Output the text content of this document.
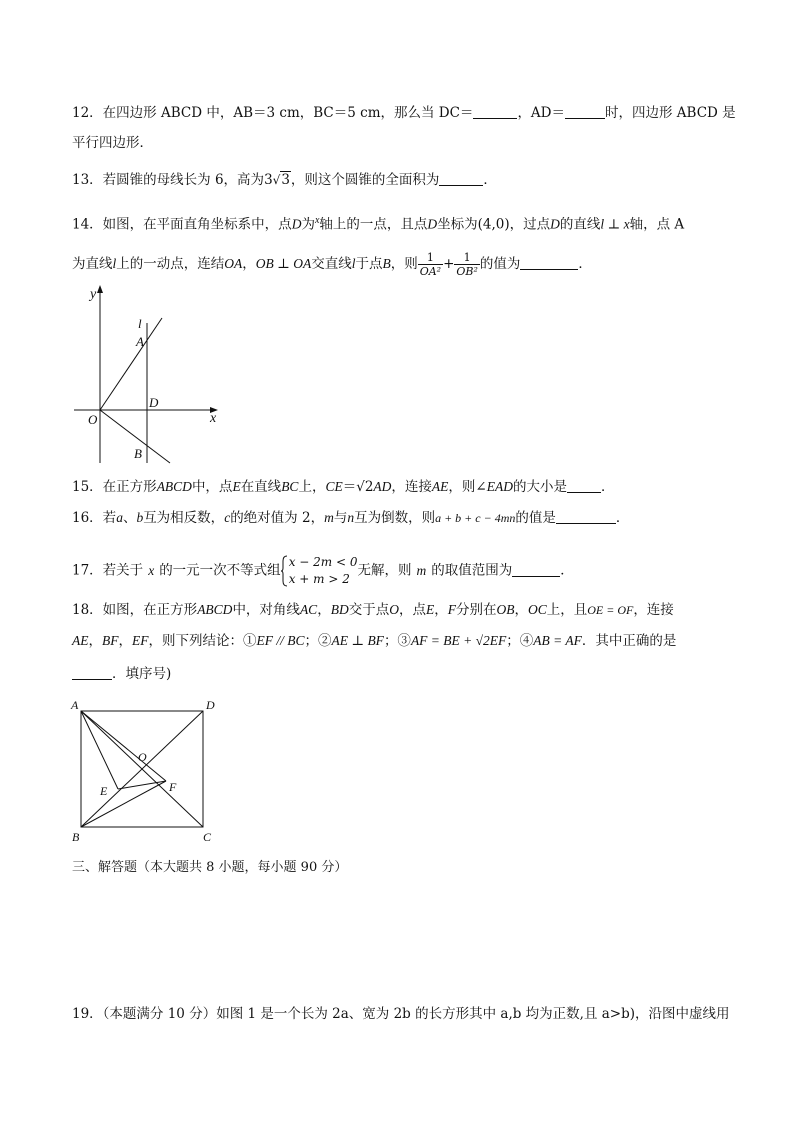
12．在四边形 ABCD 中，AB＝3 cm，BC＝5 cm，那么当 DC＝	，AD＝	时，四边形 ABCD 是
平行四边形．
13．若圆锥的母线长为 6，高为3√3，则这个圆锥的全面积为	．
14．如图，在平面直角坐标系中，点D为$^x$轴上的一点，且点D坐标为(4,0)，过点D的直线l ⊥ x轴，点 A
为直线l上的一动点，连结OA，OB ⊥ OA交直线l于点B，则 $\frac{1}{\text{OA²}} + \frac{1}{\text{OB²}}$ 的值为	．
y
x
l
A
D
O
B
15．在正方形ABCD中，点E在直线BC上，CE＝√2AD，连接AE，则∠EAD的大小是	．
16．若a、b互为相反数，c的绝对值为 2，m与n互为倒数，则a + b + c − 4mn的值是	．
17．若关于 x 的一元一次不等式组
x − 2m < 0
x + m > 2
无解，则 m 的取值范围为	．
18．如图，在正方形ABCD中，对角线AC，BD交于点O，点E，F分别在OB，OC上，且OE = OF，连接
AE，BF，EF，则下列结论：①EF // BC；②AE ⊥ BF；③AF = BE + √2EF；④AB = AF．其中正确的是
．填序号)
A	D
O
E	F
B	C
三、解答题（本大题共 8 小题，每小题 90 分）
19．（本题满分 10 分）如图 1 是一个长为 2a、宽为 2b 的长方形其中 a,b 均为正数,且 a>b)，沿图中虚线用
